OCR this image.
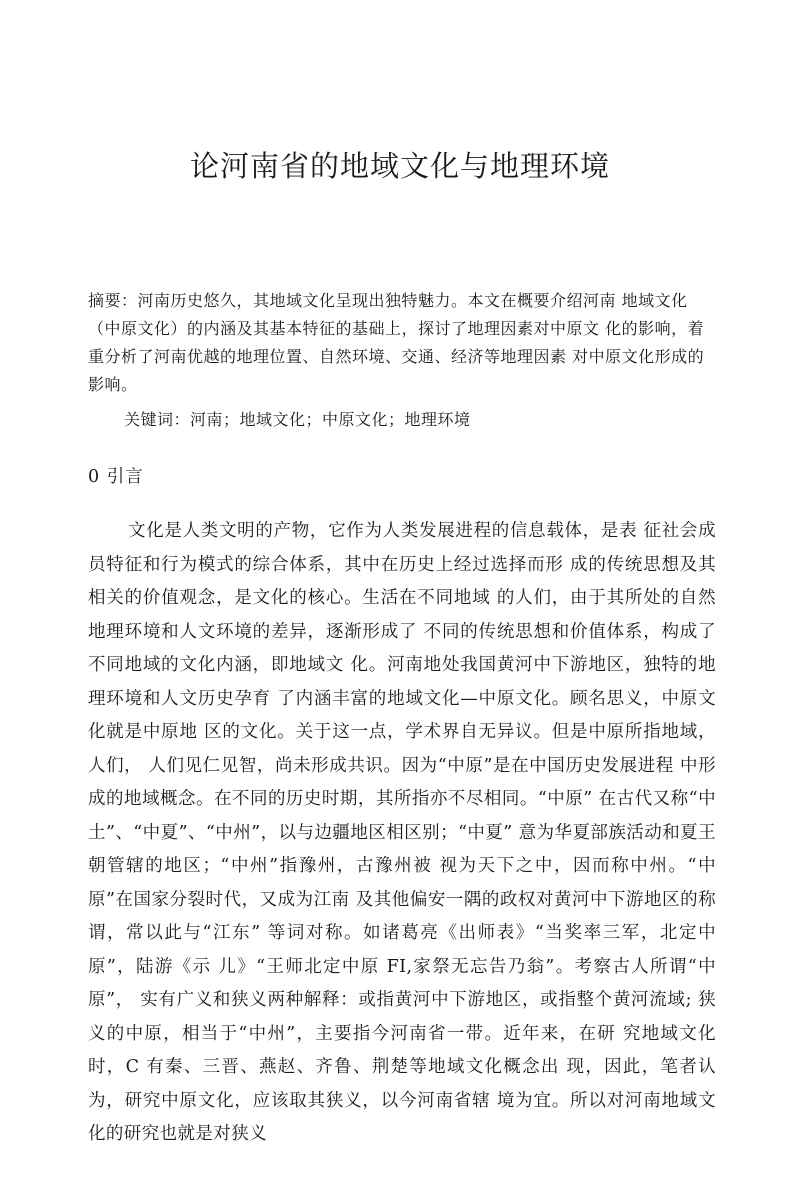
论河南省的地域文化与地理环境

摘要：河南历史悠久，其地域文化呈现出独特魅力。本文在概要介绍河南 地域文化（中原文化）的内涵及其基本特征的基础上，探讨了地理因素对中原文 化的影响，着重分析了河南优越的地理位置、自然环境、交通、经济等地理因素 对中原文化形成的影响。

关键词：河南；地域文化；中原文化；地理环境
0 引言

文化是人类文明的产物，它作为人类发展进程的信息载体，是表 征社会成员特征和行为模式的综合体系，其中在历史上经过选择而形 成的传统思想及其相关的价值观念，是文化的核心。生活在不同地域 的人们，由于其所处的自然地理环境和人文环境的差异，逐渐形成了 不同的传统思想和价值体系，构成了不同地域的文化内涵，即地域文 化。河南地处我国黄河中下游地区，独特的地理环境和人文历史孕育 了内涵丰富的地域文化—中原文化。顾名思义，中原文化就是中原地 区的文化。关于这一点，学术界自无异议。但是中原所指地域，人们， 人们见仁见智，尚未形成共识。因为“中原”是在中国历史发展进程 中形成的地域概念。在不同的历史时期，其所指亦不尽相同。“中原” 在古代又称“中土”、“中夏”、“中州”，以与边疆地区相区别；“中夏” 意为华夏部族活动和夏王朝管辖的地区；“中州”指豫州，古豫州被 视为天下之中，因而称中州。“中原”在国家分裂时代，又成为江南 及其他偏安一隅的政权对黄河中下游地区的称谓，常以此与“江东” 等词对称。如诸葛亮《出师表》“当奖率三军，北定中原”，陆游《示 儿》“王师北定中原 FI,家祭无忘告乃翁”。考察古人所谓“中原”， 实有广义和狭义两种解释：或指黄河中下游地区，或指整个黄河流域; 狭义的中原，相当于“中州”，主要指今河南省一带。近年来，在研 究地域文化时，C 有秦、三晋、燕赵、齐鲁、荆楚等地域文化概念出 现，因此，笔者认为，研究中原文化，应该取其狭义，以今河南省辖 境为宜。所以对河南地域文化的研究也就是对狭义
